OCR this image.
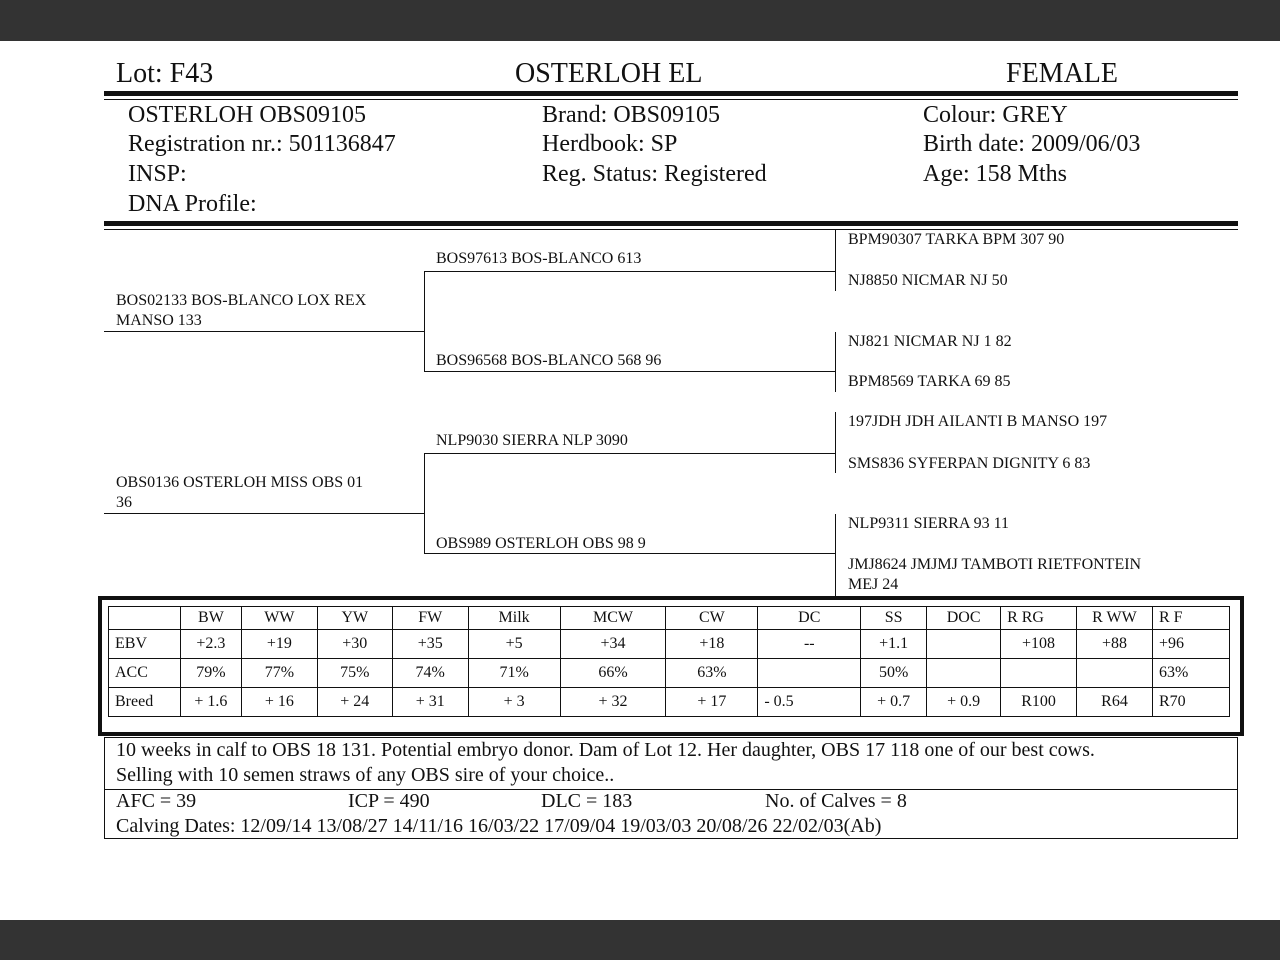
Lot: F43	OSTERLOH EL	FEMALE
OSTERLOH OBS09105
Registration nr.: 501136847
INSP:
DNA Profile:
Brand: OBS09105
Herdbook: SP
Reg. Status: Registered
Colour: GREY
Birth date: 2009/06/03
Age: 158 Mths
BOS02133 BOS-BLANCO LOX REX
MANSO 133
OBS0136 OSTERLOH MISS OBS 01
36
BOS97613 BOS-BLANCO 613
BOS96568 BOS-BLANCO 568 96
NLP9030 SIERRA NLP 3090
OBS989 OSTERLOH OBS 98 9
BPM90307 TARKA BPM 307 90
NJ8850 NICMAR NJ 50
NJ821 NICMAR NJ 1 82
BPM8569 TARKA 69 85
197JDH JDH AILANTI B MANSO 197
SMS836 SYFERPAN DIGNITY 6 83
NLP9311 SIERRA 93 11
JMJ8624 JMJMJ TAMBOTI RIETFONTEIN
MEJ 24
	BW	WW	YW	FW	Milk	MCW	CW	DC	SS	DOC	R RG	R WW	R F
EBV	+2.3	+19	+30	+35	+5	+34	+18	--	+1.1		+108	+88	+96
ACC	79%	77%	75%	74%	71%	66%	63%		50%				63%
Breed	+ 1.6	+ 16	+ 24	+ 31	+ 3	+ 32	+ 17	- 0.5	+ 0.7	+ 0.9	R100	R64	R70
10 weeks in calf to OBS 18 131. Potential embryo donor. Dam of Lot 12. Her daughter, OBS 17 118 one of our best cows.
Selling with 10 semen straws of any OBS sire of your choice..
AFC = 39	ICP = 490	DLC = 183	No. of Calves = 8
Calving Dates: 12/09/14 13/08/27 14/11/16 16/03/22 17/09/04 19/03/03 20/08/26 22/02/03(Ab)
